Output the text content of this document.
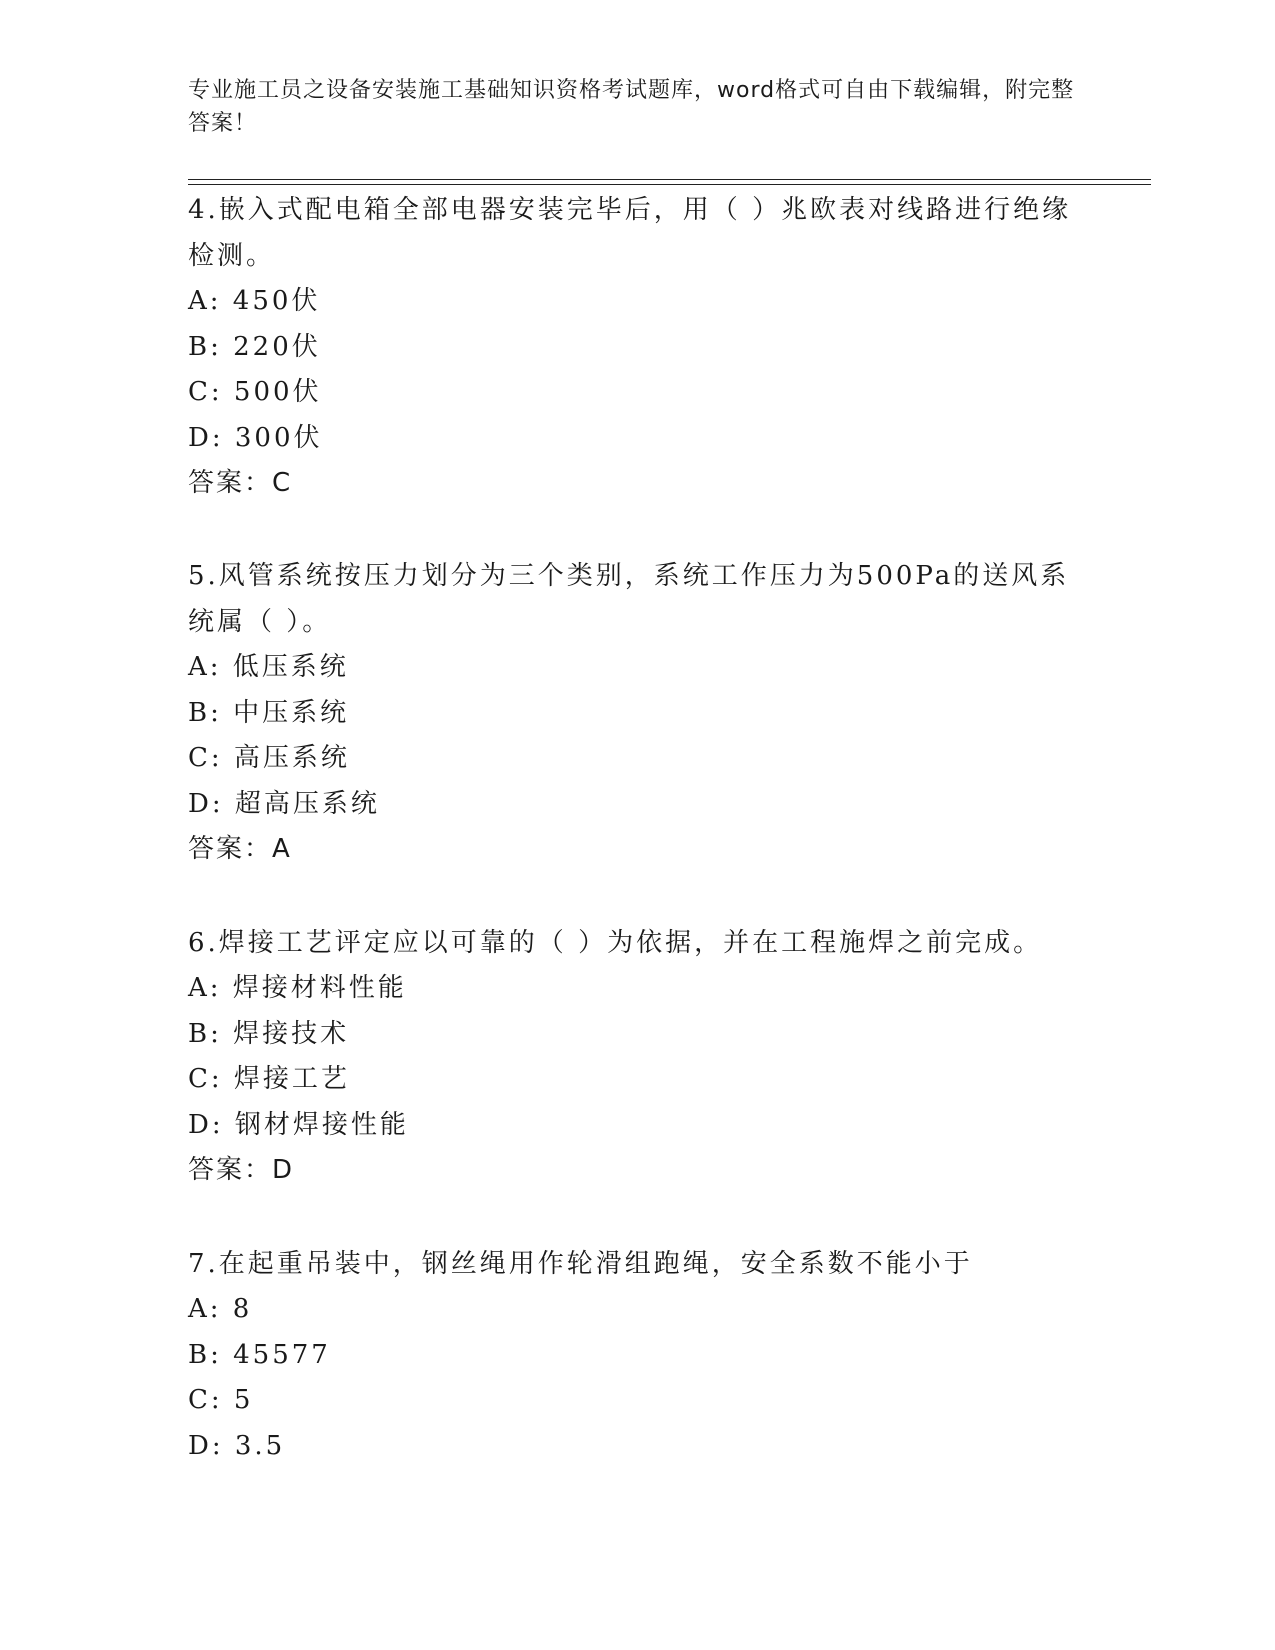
专业施工员之设备安装施工基础知识资格考试题库，word格式可自由下载编辑，附完整答案！
4.嵌入式配电箱全部电器安装完毕后，用（ ）兆欧表对线路进行绝缘检测。
A: 450伏
B: 220伏
C: 500伏
D: 300伏
答案：C
5.风管系统按压力划分为三个类别，系统工作压力为500Pa的送风系统属（ ）。
A: 低压系统
B: 中压系统
C: 高压系统
D: 超高压系统
答案：A
6.焊接工艺评定应以可靠的（ ）为依据，并在工程施焊之前完成。
A: 焊接材料性能
B: 焊接技术
C: 焊接工艺
D: 钢材焊接性能
答案：D
7.在起重吊装中，钢丝绳用作轮滑组跑绳，安全系数不能小于
A: 8
B: 45577
C: 5
D: 3.5
